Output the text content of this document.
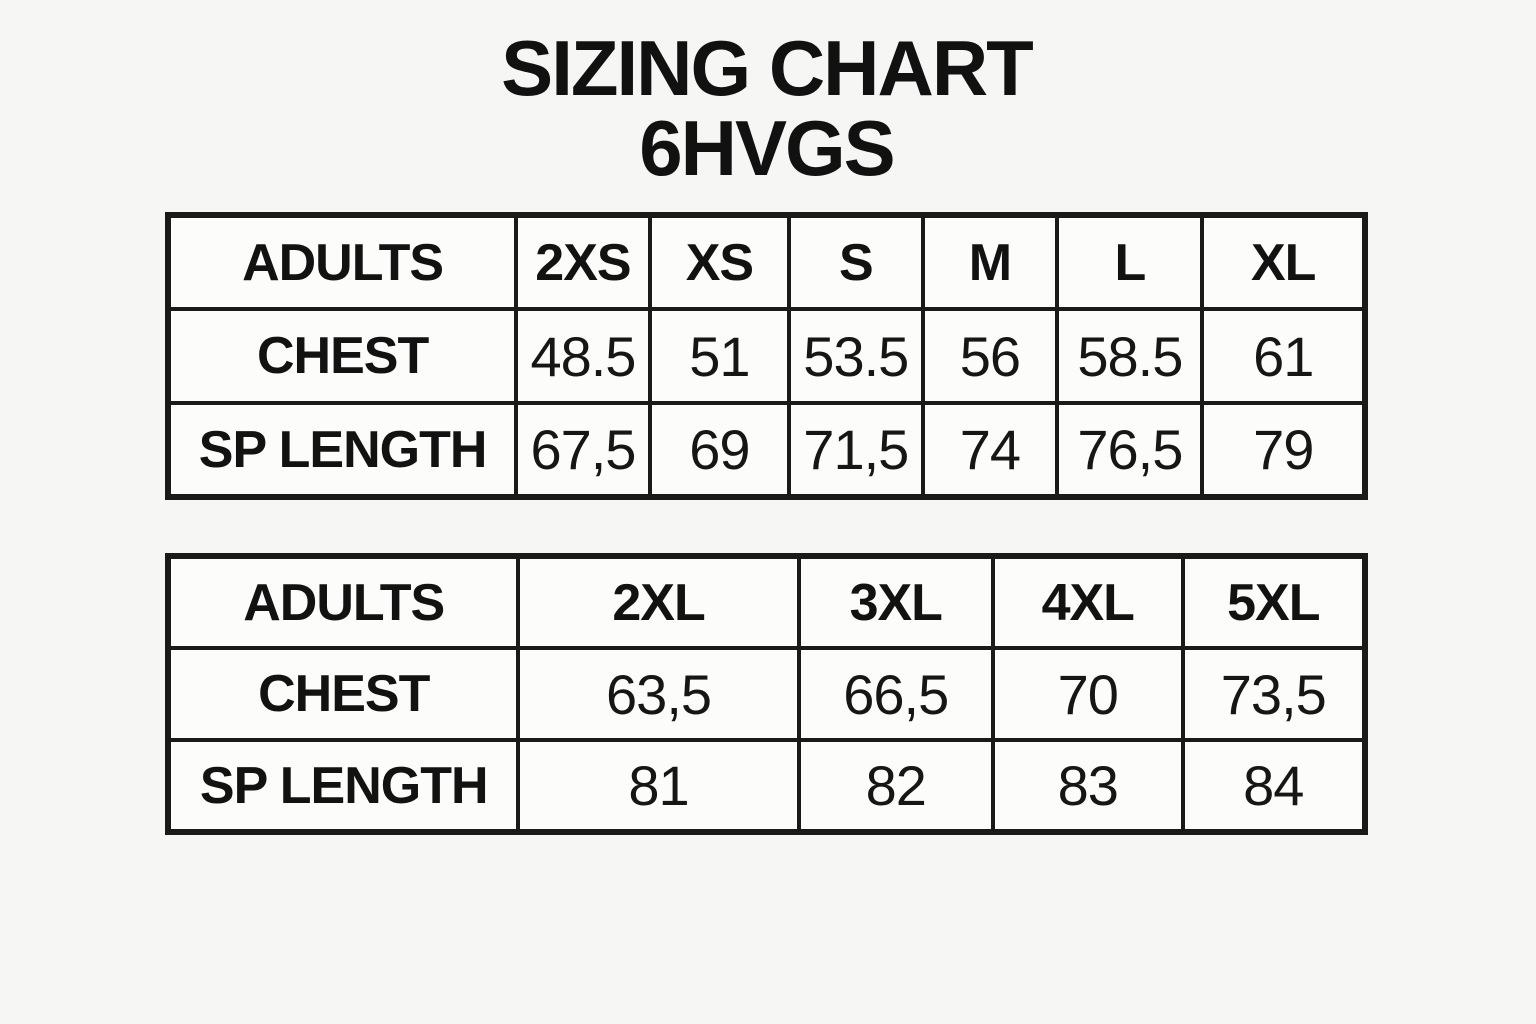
SIZING CHART
6HVGS
ADULTS	2XS	XS	S	M	L	XL
CHEST	48.5	51	53.5	56	58.5	61
SP LENGTH	67,5	69	71,5	74	76,5	79
ADULTS	2XL	3XL	4XL	5XL
CHEST	63,5	66,5	70	73,5
SP LENGTH	81	82	83	84
